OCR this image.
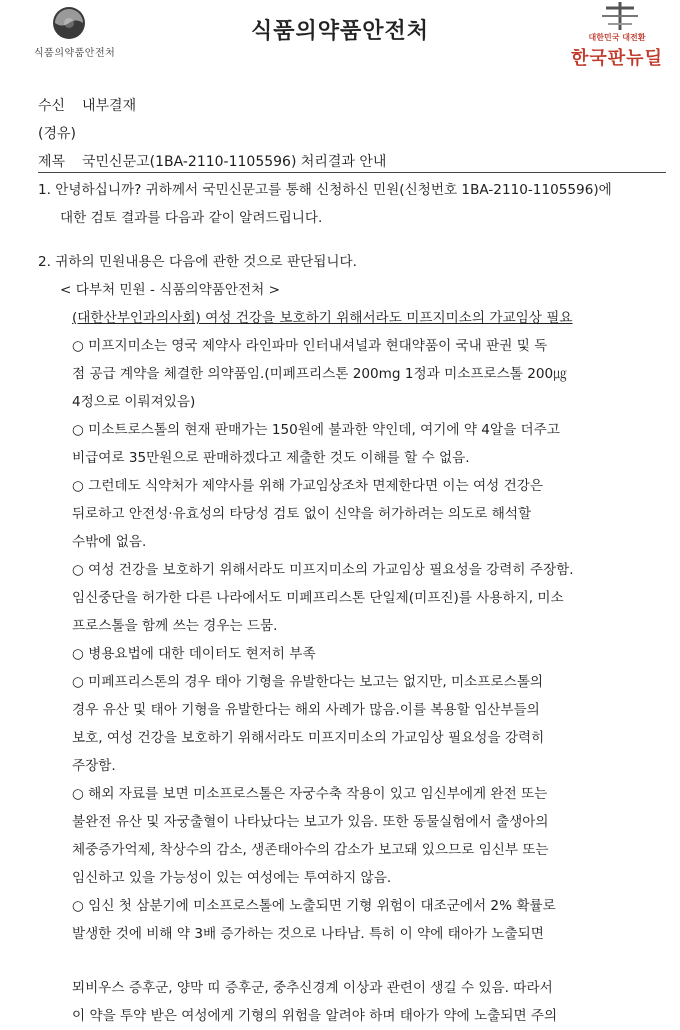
식품의약품안전처
식품의약품안전처	대한민국 대전환
한국판뉴딜
수신 내부결재
(경유)
제목 국민신문고(1BA-2110-1105596) 처리결과 안내
1. 안녕하십니까? 귀하께서 국민신문고를 통해 신청하신 민원(신청번호 1BA-2110-1105596)에
대한 검토 결과를 다음과 같이 알려드립니다.
2. 귀하의 민원내용은 다음에 관한 것으로 판단됩니다.
< 다부처 민원 - 식품의약품안전처 >
(대한산부인과의사회) 여성 건강을 보호하기 위해서라도 미프지미소의 가교임상 필요
○ 미프지미소는 영국 제약사 라인파마 인터내셔널과 현대약품이 국내 판권 및 독
점 공급 계약을 체결한 의약품임.(미페프리스톤 200mg 1정과 미소프로스톨 200㎍
4정으로 이뤄져있음)
○ 미소트로스톨의 현재 판매가는 150원에 불과한 약인데, 여기에 약 4알을 더주고
비급여로 35만원으로 판매하겠다고 제출한 것도 이해를 할 수 없음.
○ 그런데도 식약처가 제약사를 위해 가교임상조차 면제한다면 이는 여성 건강은
뒤로하고 안전성·유효성의 타당성 검토 없이 신약을 허가하려는 의도로 해석할
수밖에 없음.
○ 여성 건강을 보호하기 위해서라도 미프지미소의 가교임상 필요성을 강력히 주장함.
임신중단을 허가한 다른 나라에서도 미페프리스톤 단일제(미프진)를 사용하지, 미소
프로스톨을 함께 쓰는 경우는 드뭄.
○ 병용요법에 대한 데이터도 현저히 부족
○ 미페프리스톤의 경우 태아 기형을 유발한다는 보고는 없지만, 미소프로스톨의
경우 유산 및 태아 기형을 유발한다는 해외 사례가 많음.이를 복용할 임산부들의
보호, 여성 건강을 보호하기 위해서라도 미프지미소의 가교임상 필요성을 강력히
주장함.
○ 해외 자료를 보면 미소프로스톨은 자궁수축 작용이 있고 임신부에게 완전 또는
불완전 유산 및 자궁출혈이 나타났다는 보고가 있음. 또한 동물실험에서 출생아의
체중증가억제, 착상수의 감소, 생존태아수의 감소가 보고돼 있으므로 임신부 또는
임신하고 있을 가능성이 있는 여성에는 투여하지 않음.
○ 임신 첫 삼분기에 미소프로스톨에 노출되면 기형 위험이 대조군에서 2% 확률로
발생한 것에 비해 약 3배 증가하는 것으로 나타남. 특히 이 약에 태아가 노출되면
뫼비우스 증후군, 양막 띠 증후군, 중추신경계 이상과 관련이 생길 수 있음. 따라서
이 약을 투약 받은 여성에게 기형의 위험을 알려야 하며 태아가 약에 노출되면 주의
